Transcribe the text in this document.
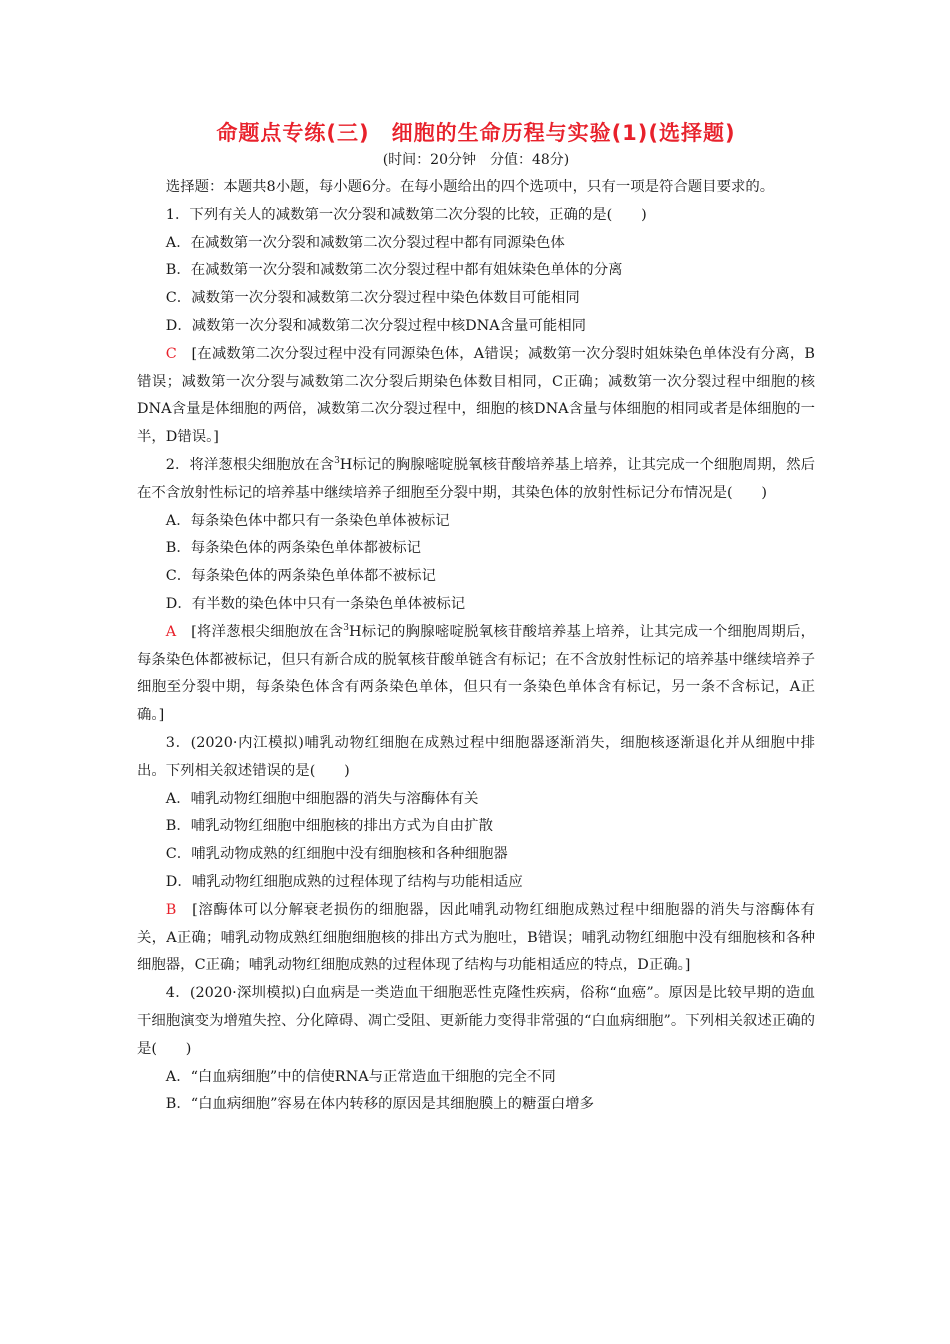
命题点专练(三)　细胞的生命历程与实验(1)(选择题)
(时间：20分钟　分值：48分)

选择题：本题共8小题，每小题6分。在每小题给出的四个选项中，只有一项是符合题目要求的。

1．下列有关人的减数第一次分裂和减数第二次分裂的比较，正确的是(　　)

A．在减数第一次分裂和减数第二次分裂过程中都有同源染色体

B．在减数第一次分裂和减数第二次分裂过程中都有姐妹染色单体的分离

C．减数第一次分裂和减数第二次分裂过程中染色体数目可能相同

D．减数第一次分裂和减数第二次分裂过程中核DNA含量可能相同

C　[在减数第二次分裂过程中没有同源染色体，A错误；减数第一次分裂时姐妹染色单体没有分离，B错误；减数第一次分裂与减数第二次分裂后期染色体数目相同，C正确；减数第一次分裂过程中细胞的核DNA含量是体细胞的两倍，减数第二次分裂过程中，细胞的核DNA含量与体细胞的相同或者是体细胞的一半，D错误。]

2．将洋葱根尖细胞放在含$^3$H标记的胸腺嘧啶脱氧核苷酸培养基上培养，让其完成一个细胞周期，然后在不含放射性标记的培养基中继续培养子细胞至分裂中期，其染色体的放射性标记分布情况是(　　)

A．每条染色体中都只有一条染色单体被标记

B．每条染色体的两条染色单体都被标记

C．每条染色体的两条染色单体都不被标记

D．有半数的染色体中只有一条染色单体被标记

A　[将洋葱根尖细胞放在含$^3$H标记的胸腺嘧啶脱氧核苷酸培养基上培养，让其完成一个细胞周期后，每条染色体都被标记，但只有新合成的脱氧核苷酸单链含有标记；在不含放射性标记的培养基中继续培养子细胞至分裂中期，每条染色体含有两条染色单体，但只有一条染色单体含有标记，另一条不含标记，A正确。]

3．(2020·内江模拟)哺乳动物红细胞在成熟过程中细胞器逐渐消失，细胞核逐渐退化并从细胞中排出。下列相关叙述错误的是(　　)

A．哺乳动物红细胞中细胞器的消失与溶酶体有关

B．哺乳动物红细胞中细胞核的排出方式为自由扩散

C．哺乳动物成熟的红细胞中没有细胞核和各种细胞器

D．哺乳动物红细胞成熟的过程体现了结构与功能相适应

B　[溶酶体可以分解衰老损伤的细胞器，因此哺乳动物红细胞成熟过程中细胞器的消失与溶酶体有关，A正确；哺乳动物成熟红细胞细胞核的排出方式为胞吐，B错误；哺乳动物红细胞中没有细胞核和各种细胞器，C正确；哺乳动物红细胞成熟的过程体现了结构与功能相适应的特点，D正确。]

4．(2020·深圳模拟)白血病是一类造血干细胞恶性克隆性疾病，俗称“血癌”。原因是比较早期的造血干细胞演变为增殖失控、分化障碍、凋亡受阻、更新能力变得非常强的“白血病细胞”。下列相关叙述正确的是(　　)

A．“白血病细胞”中的信使RNA与正常造血干细胞的完全不同

B．“白血病细胞”容易在体内转移的原因是其细胞膜上的糖蛋白增多
